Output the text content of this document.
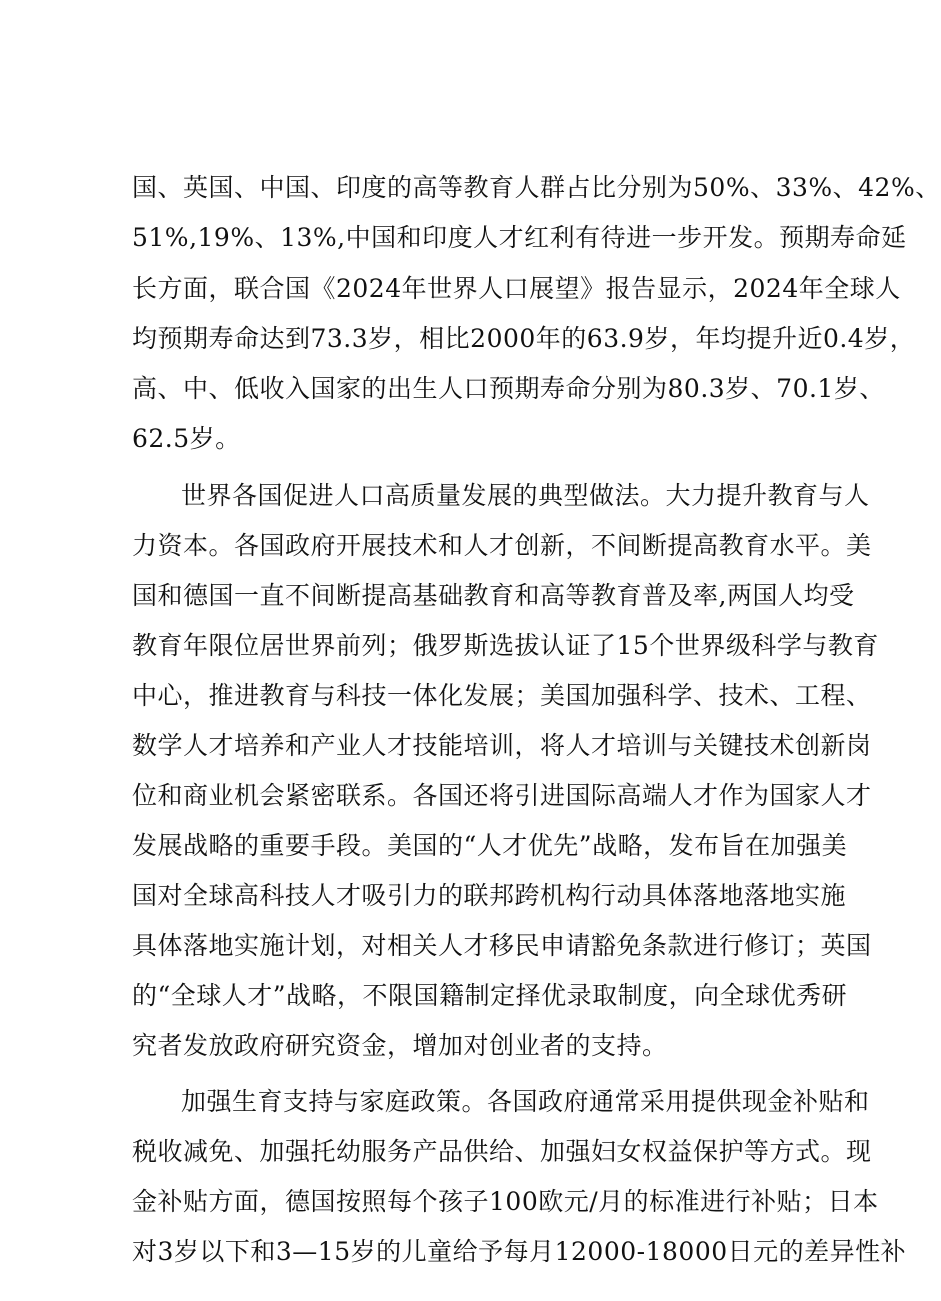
国、英国、中国、印度的高等教育人群占比分别为50%、33%、42%、
51%,19%、13%,中国和印度人才红利有待进一步开发。预期寿命延
长方面，联合国《2024年世界人口展望》报告显示，2024年全球人
均预期寿命达到73.3岁，相比2000年的63.9岁，年均提升近0.4岁，
高、中、低收入国家的出生人口预期寿命分别为80.3岁、70.1岁、
62.5岁。
世界各国促进人口高质量发展的典型做法。大力提升教育与人
力资本。各国政府开展技术和人才创新，不间断提高教育水平。美
国和德国一直不间断提高基础教育和高等教育普及率,两国人均受
教育年限位居世界前列；俄罗斯选拔认证了15个世界级科学与教育
中心，推进教育与科技一体化发展；美国加强科学、技术、工程、
数学人才培养和产业人才技能培训，将人才培训与关键技术创新岗
位和商业机会紧密联系。各国还将引进国际高端人才作为国家人才
发展战略的重要手段。美国的“人才优先”战略，发布旨在加强美
国对全球高科技人才吸引力的联邦跨机构行动具体落地落地实施
具体落地实施计划，对相关人才移民申请豁免条款进行修订；英国
的“全球人才”战略，不限国籍制定择优录取制度，向全球优秀研
究者发放政府研究资金，增加对创业者的支持。
加强生育支持与家庭政策。各国政府通常采用提供现金补贴和
税收减免、加强托幼服务产品供给、加强妇女权益保护等方式。现
金补贴方面，德国按照每个孩子100欧元/月的标准进行补贴；日本
对3岁以下和3—15岁的儿童给予每月12000-18000日元的差异性补
